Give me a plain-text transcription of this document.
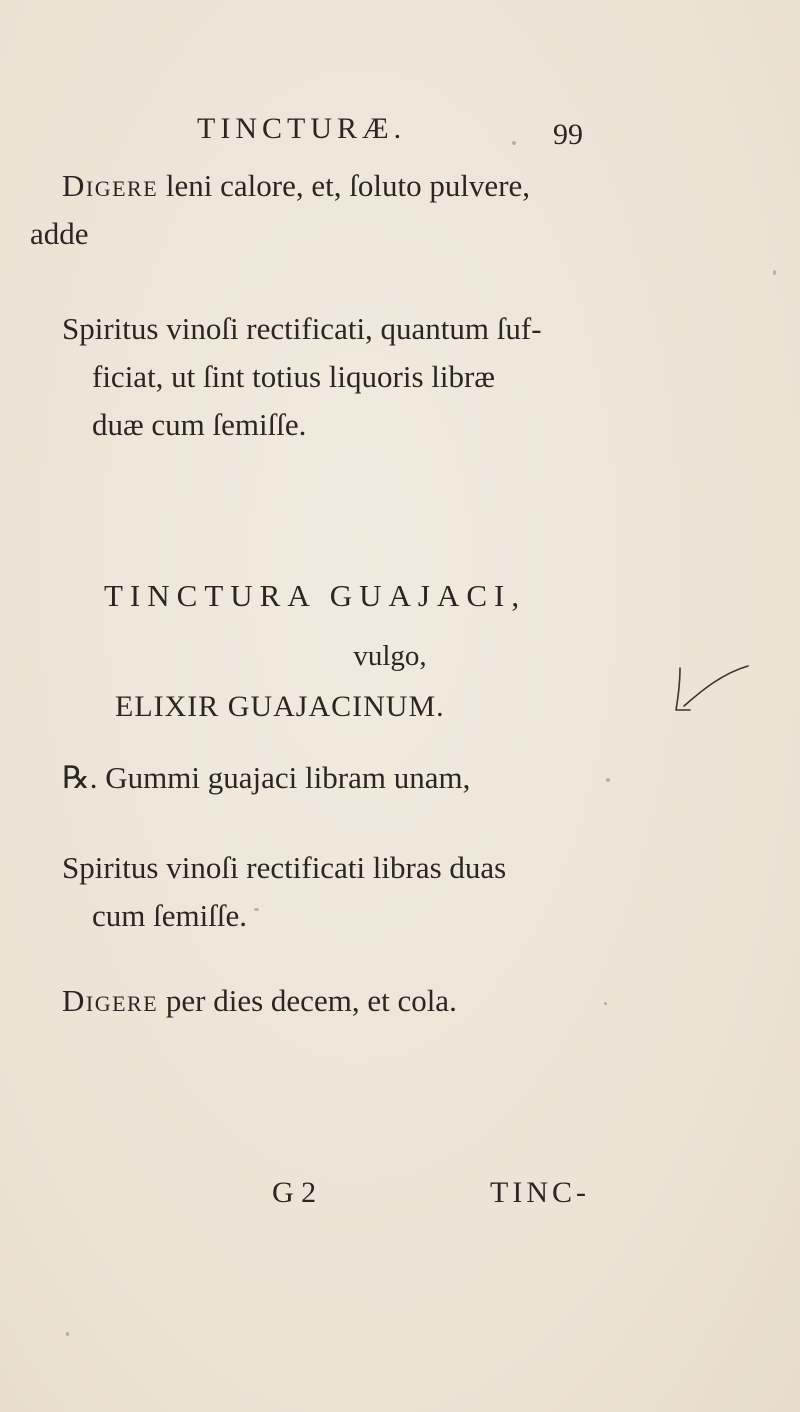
TINCTURÆ.	99
Digere leni calore, et, ſoluto pulvere,
adde
Spiritus vinoſi rectificati, quantum ſuf-
ficiat, ut ſint totius liquoris libræ
duæ cum ſemiſſe.
TINCTURA GUAJACI,
vulgo,
ELIXIR GUAJACINUM.
℞. Gummi guajaci libram unam,
Spiritus vinoſi rectificati libras duas
cum ſemiſſe.
Digere per dies decem, et cola.
G 2	TINC-
